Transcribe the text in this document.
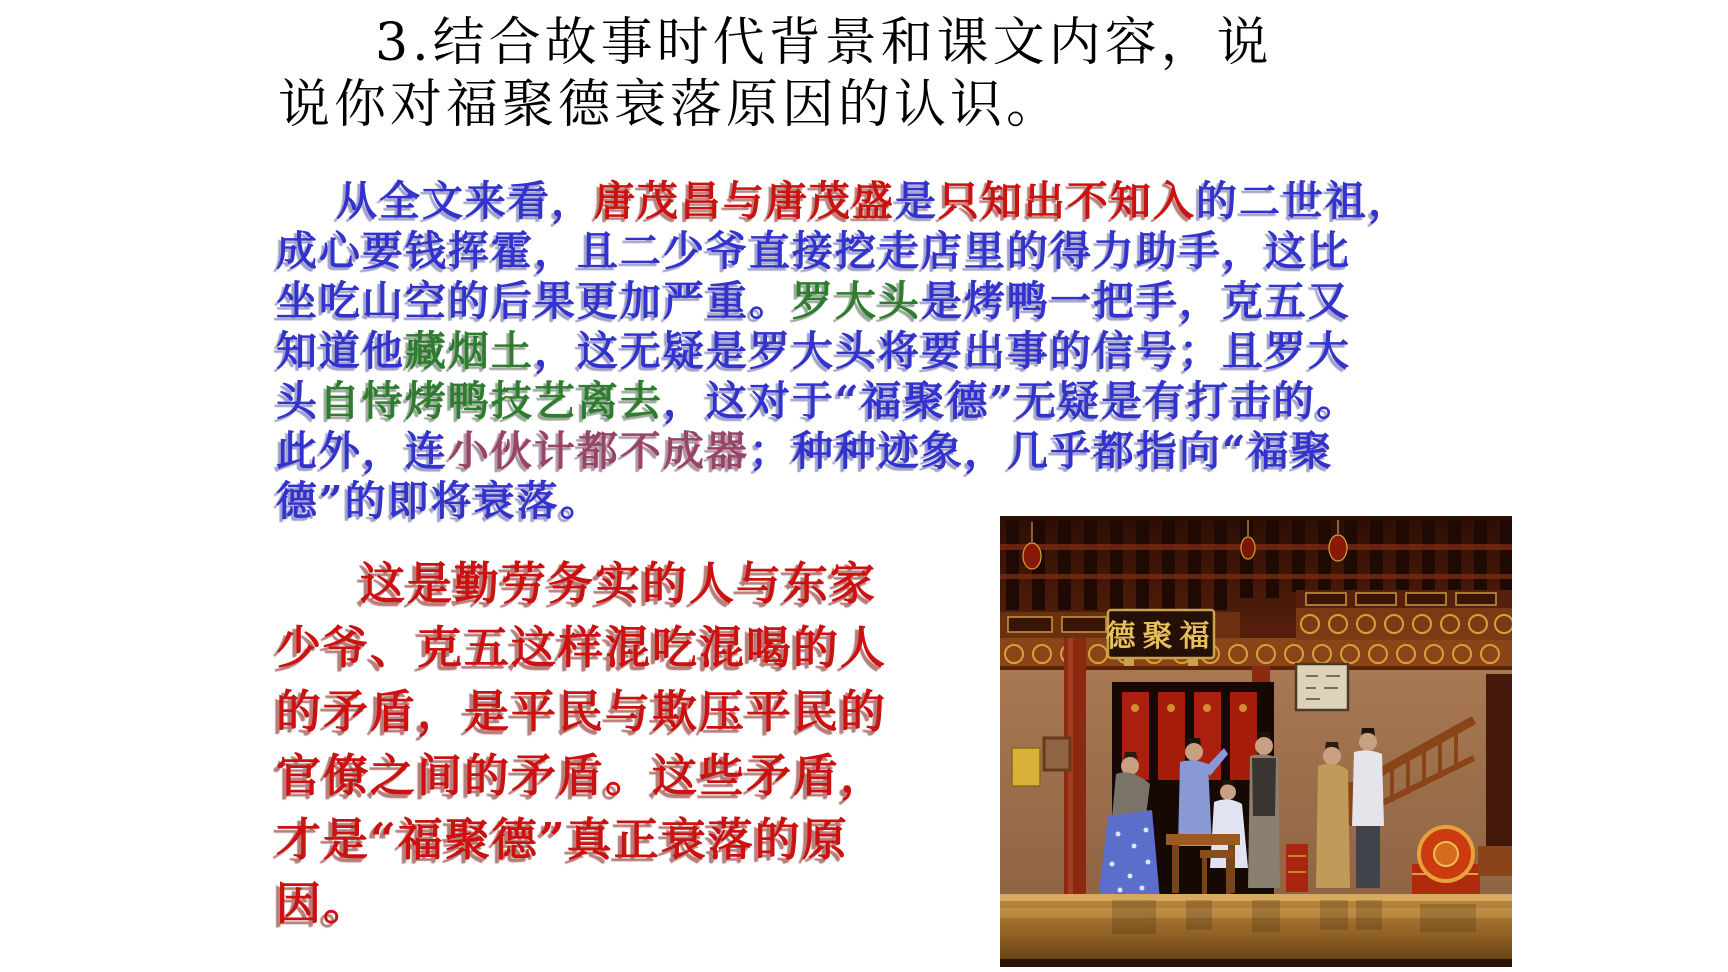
3.结合故事时代背景和课文内容，说
说你对福聚德衰落原因的认识。
从全文来看，唐茂昌与唐茂盛是只知出不知入的二世祖，
成心要钱挥霍，且二少爷直接挖走店里的得力助手，这比
坐吃山空的后果更加严重。罗大头是烤鸭一把手，克五又
知道他藏烟土，这无疑是罗大头将要出事的信号；且罗大
头自恃烤鸭技艺离去，这对于“福聚德”无疑是有打击的。
此外，连小伙计都不成器；种种迹象，几乎都指向“福聚
德”的即将衰落。
这是勤劳务实的人与东家
少爷、克五这样混吃混喝的人
的矛盾，是平民与欺压平民的
官僚之间的矛盾。这些矛盾，
才是“福聚德”真正衰落的原
因。
德聚福
